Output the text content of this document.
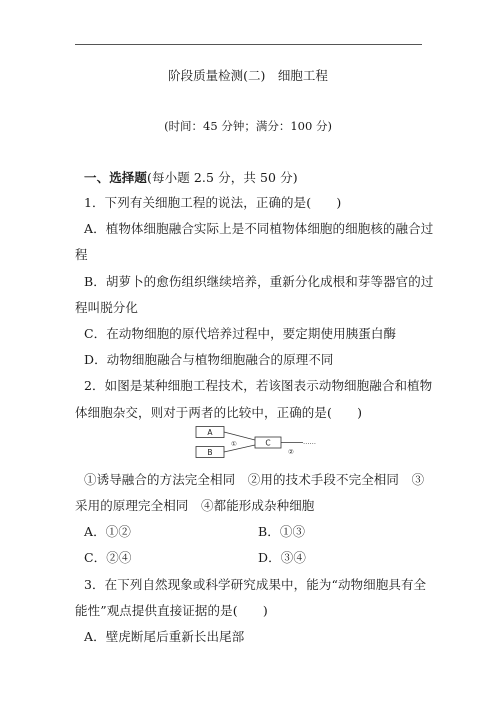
阶段质量检测(二)　细胞工程
(时间：45 分钟；满分：100 分)
一、选择题(每小题 2.5 分，共 50 分)
1．下列有关细胞工程的说法，正确的是(　　)
A．植物体细胞融合实际上是不同植物体细胞的细胞核的融合过
程
B．胡萝卜的愈伤组织继续培养，重新分化成根和芽等器官的过
程叫脱分化
C．在动物细胞的原代培养过程中，要定期使用胰蛋白酶
D．动物细胞融合与植物细胞融合的原理不同
2．如图是某种细胞工程技术，若该图表示动物细胞融合和植物
体细胞杂交，则对于两者的比较中，正确的是(　　)
A
B
①	C
②
……
①诱导融合的方法完全相同　②用的技术手段不完全相同　③
采用的原理完全相同　④都能形成杂种细胞
A．①②	B．①③
C．②④	D．③④
3．在下列自然现象或科学研究成果中，能为“动物细胞具有全
能性”观点提供直接证据的是(　　)
A．壁虎断尾后重新长出尾部
